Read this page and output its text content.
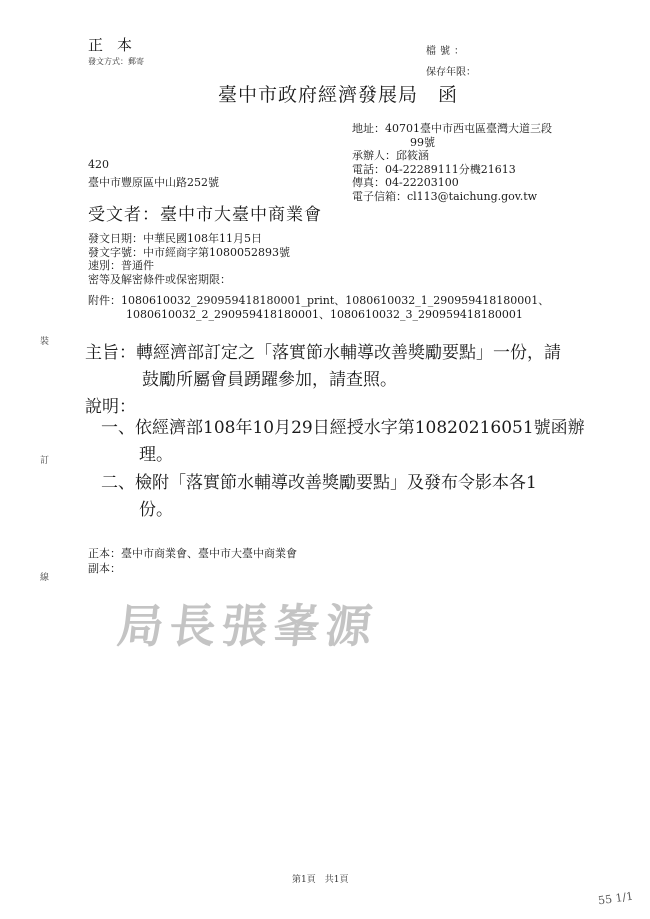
正本
發文方式：郵寄
檔號：
保存年限：
臺中市政府經濟發展局　函
地址：40701臺中市西屯區臺灣大道三段
99號
承辦人：邱筱涵
電話：04-22289111分機21613
傳真：04-22203100
電子信箱：cl113@taichung.gov.tw
420
臺中市豐原區中山路252號
受文者：臺中市大臺中商業會
發文日期：中華民國108年11月5日
發文字號：中市經商字第1080052893號
速別：普通件
密等及解密條件或保密期限：
附件：1080610032_290959418180001_print、1080610032_1_290959418180001、
1080610032_2_290959418180001、1080610032_3_290959418180001
主旨：轉經濟部訂定之「落實節水輔導改善獎勵要點」一份，請
鼓勵所屬會員踴躍參加，請查照。
說明：
一、依經濟部108年10月29日經授水字第10820216051號函辦
理。
二、檢附「落實節水輔導改善獎勵要點」及發布令影本各1
份。
正本：臺中市商業會、臺中市大臺中商業會
副本：
局長張峯源
裝
訂
線
第1頁　共1頁
55 1/1
